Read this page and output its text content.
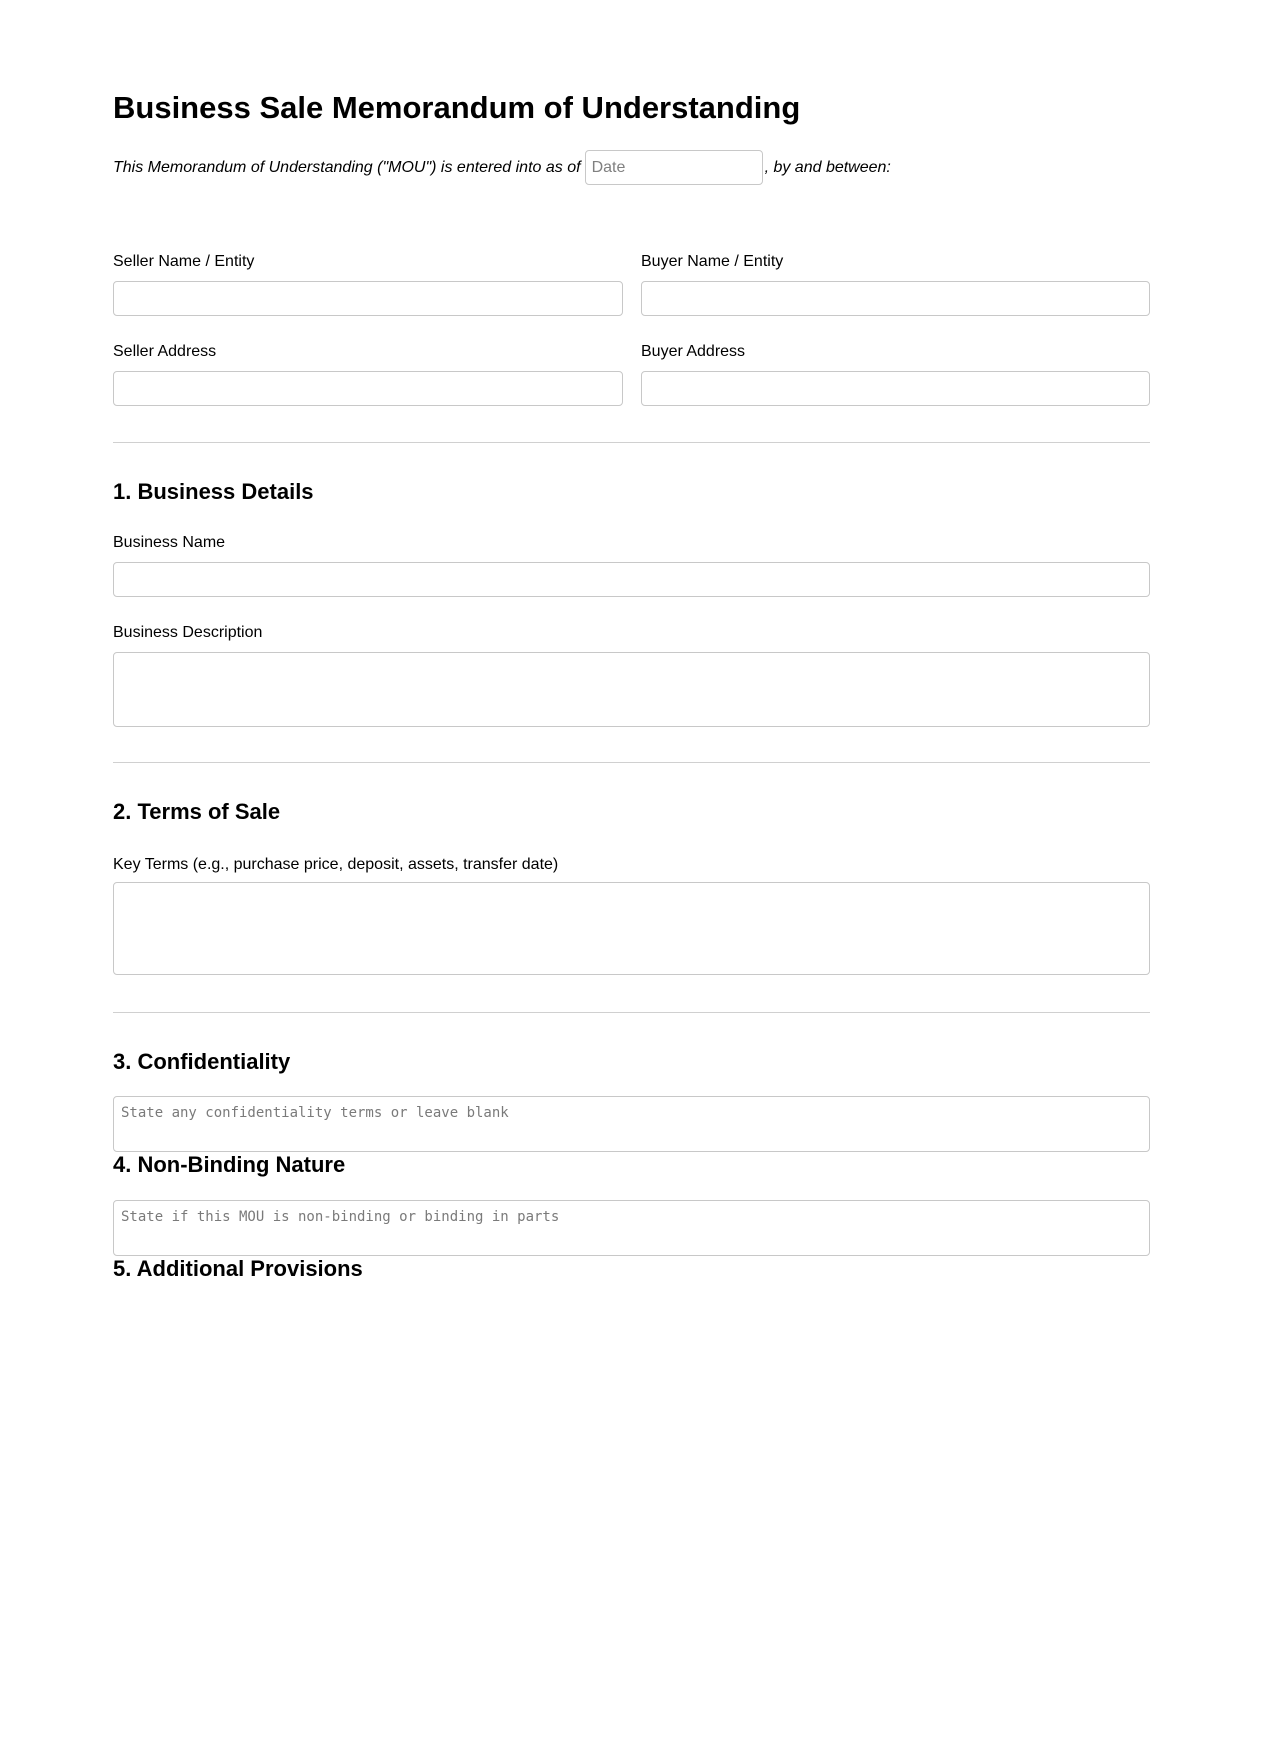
Business Sale Memorandum of Understanding
This Memorandum of Understanding ("MOU") is entered into as of
Date	, by and between:
Seller Name / Entity	Buyer Name / Entity
Seller Address	Buyer Address
1. Business Details
Business Name
Business Description
2. Terms of Sale
Key Terms (e.g., purchase price, deposit, assets, transfer date)
3. Confidentiality
State any confidentiality terms or leave blank
4. Non-Binding Nature
State if this MOU is non-binding or binding in parts
5. Additional Provisions
